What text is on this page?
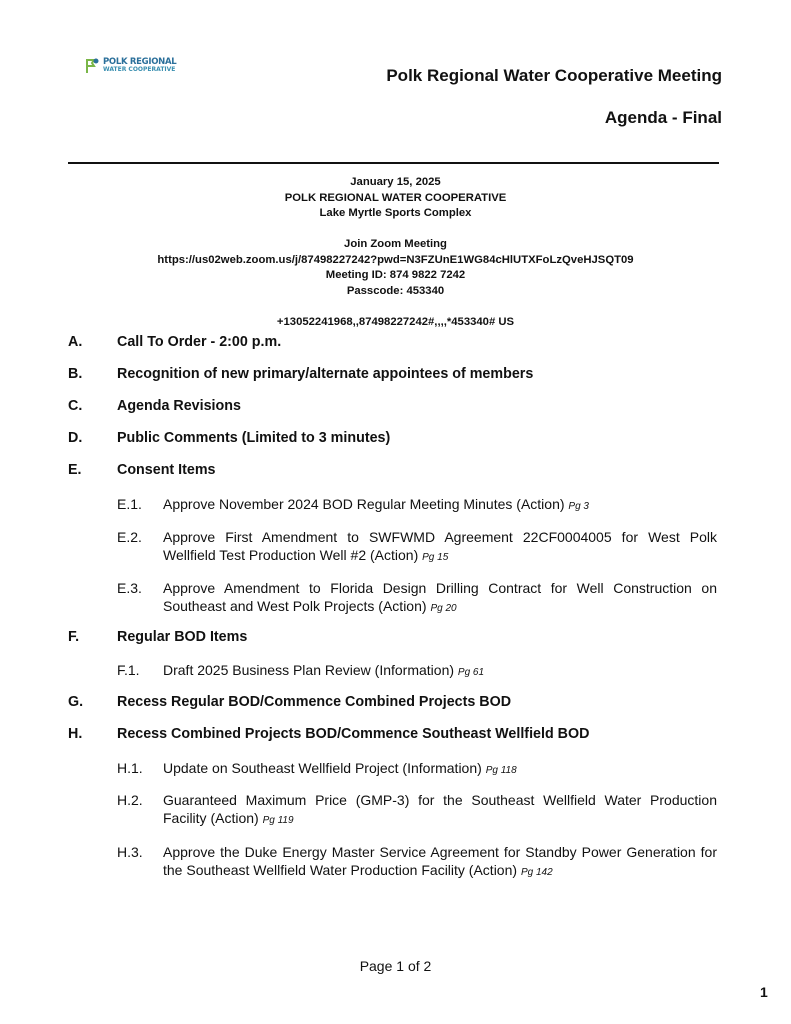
POLK REGIONAL
WATER COOPERATIVE	Polk Regional Water Cooperative Meeting
Agenda - Final
January 15, 2025
POLK REGIONAL WATER COOPERATIVE
Lake Myrtle Sports Complex
Join Zoom Meeting
https://us02web.zoom.us/j/87498227242?pwd=N3FZUnE1WG84cHlUTXFoLzQveHJSQT09
Meeting ID: 874 9822 7242
Passcode: 453340
+13052241968,,87498227242#,,,,*453340# US
A. Call To Order - 2:00 p.m.
B. Recognition of new primary/alternate appointees of members
C. Agenda Revisions
D. Public Comments (Limited to 3 minutes)
E. Consent Items
E.1.	Approve November 2024 BOD Regular Meeting Minutes (Action) Pg 3
E.2.	Approve First Amendment to SWFWMD Agreement 22CF0004005 for West Polk Wellfield Test Production Well #2 (Action) Pg 15
E.3.	Approve Amendment to Florida Design Drilling Contract for Well Construction on Southeast and West Polk Projects (Action) Pg 20
F.	Regular BOD Items
F.1.	Draft 2025 Business Plan Review (Information) Pg 61
G. Recess Regular BOD/Commence Combined Projects BOD
H. Recess Combined Projects BOD/Commence Southeast Wellfield BOD
H.1.	Update on Southeast Wellfield Project (Information) Pg 118
H.2.	Guaranteed Maximum Price (GMP-3) for the Southeast Wellfield Water Production Facility (Action) Pg 119
H.3.	Approve the Duke Energy Master Service Agreement for Standby Power Generation for the Southeast Wellfield Water Production Facility (Action) Pg 142
Page 1 of 2
1
